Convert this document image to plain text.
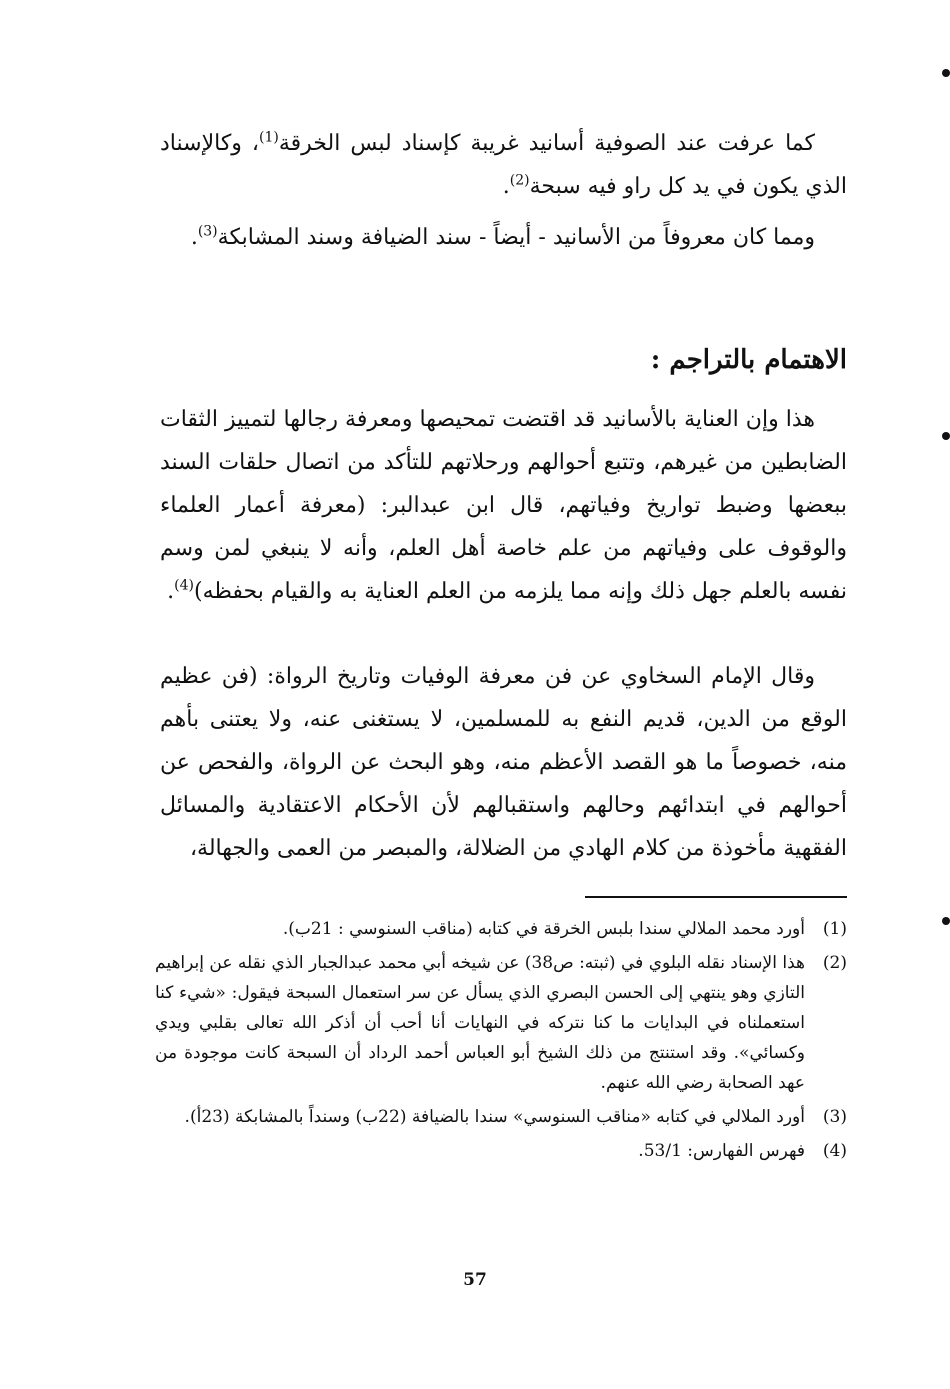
كما عرفت عند الصوفية أسانيد غريبة كإسناد لبس الخرقة$^{(1)}$، وكالإسناد الذي يكون في يد كل راو فيه سبحة$^{(2)}$.

ومما كان معروفاً من الأسانيد - أيضاً - سند الضيافة وسند المشابكة$^{(3)}$.

الاهتمام بالتراجم :

هذا وإن العناية بالأسانيد قد اقتضت تمحيصها ومعرفة رجالها لتمييز الثقات الضابطين من غيرهم، وتتبع أحوالهم ورحلاتهم للتأكد من اتصال حلقات السند ببعضها وضبط تواريخ وفياتهم، قال ابن عبدالبر: (معرفة أعمار العلماء والوقوف على وفياتهم من علم خاصة أهل العلم، وأنه لا ينبغي لمن وسم نفسه بالعلم جهل ذلك وإنه مما يلزمه من العلم العناية به والقيام بحفظه)$^{(4)}$.

وقال الإمام السخاوي عن فن معرفة الوفيات وتاريخ الرواة: (فن عظيم الوقع من الدين، قديم النفع به للمسلمين، لا يستغنى عنه، ولا يعتنى بأهم منه، خصوصاً ما هو القصد الأعظم منه، وهو البحث عن الرواة، والفحص عن أحوالهم في ابتدائهم وحالهم واستقبالهم لأن الأحكام الاعتقادية والمسائل الفقهية مأخوذة من كلام الهادي من الضلالة، والمبصر من العمى والجهالة،

(1)
أورد محمد الملالي سندا بلبس الخرقة في كتابه (مناقب السنوسي : 21ب).
(2)
هذا الإسناد نقله البلوي في (ثبته: ص38) عن شيخه أبي محمد عبدالجبار الذي نقله عن إبراهيم التازي وهو ينتهي إلى الحسن البصري الذي يسأل عن سر استعمال السبحة فيقول: «شيء كنا استعملناه في البدايات ما كنا نتركه في النهايات أنا أحب أن أذكر الله تعالى بقلبي ويدي وكسائي». وقد استنتج من ذلك الشيخ أبو العباس أحمد الرداد أن السبحة كانت موجودة من عهد الصحابة رضي الله عنهم.
(3)
أورد الملالي في كتابه «مناقب السنوسي» سندا بالضيافة (22ب) وسنداً بالمشابكة (23أ).
(4)
فهرس الفهارس: 53/1.
57
